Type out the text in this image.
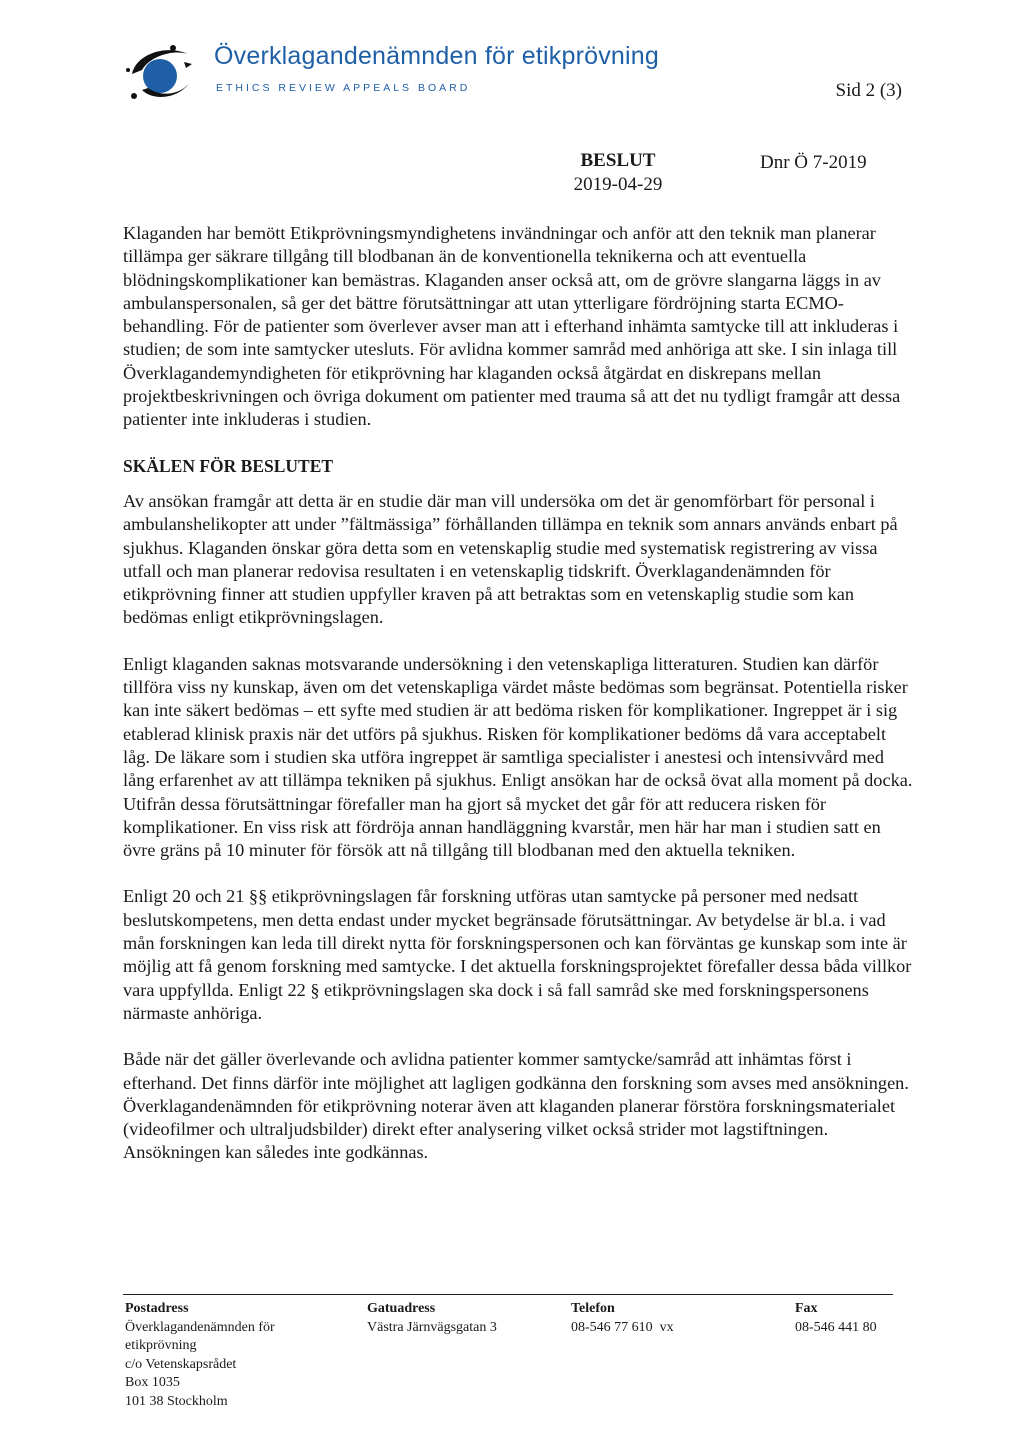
Överklagandenämnden för etikprövning
ETHICS REVIEW APPEALS BOARD	Sid 2 (3)
BESLUT
2019-04-29
Dnr Ö 7-2019

Klaganden har bemött Etikprövningsmyndighetens invändningar och anför att den teknik man planerar tillämpa ger säkrare tillgång till blodbanan än de konventionella teknikerna och att eventuella blödningskomplikationer kan bemästras. Klaganden anser också att, om de grövre slangarna läggs in av ambulanspersonalen, så ger det bättre förutsättningar att utan ytterligare fördröjning starta ECMO-behandling. För de patienter som överlever avser man att i efterhand inhämta samtycke till att inkluderas i studien; de som inte samtycker utesluts. För avlidna kommer samråd med anhöriga att ske. I sin inlaga till Överklagandemyndigheten för etikprövning har klaganden också åtgärdat en diskrepans mellan projektbeskrivningen och övriga dokument om patienter med trauma så att det nu tydligt framgår att dessa patienter inte inkluderas i studien.

SKÄLEN FÖR BESLUTET

Av ansökan framgår att detta är en studie där man vill undersöka om det är genomförbart för personal i ambulanshelikopter att under ”fältmässiga” förhållanden tillämpa en teknik som annars används enbart på sjukhus. Klaganden önskar göra detta som en vetenskaplig studie med systematisk registrering av vissa utfall och man planerar redovisa resultaten i en vetenskaplig tidskrift. Överklagandenämnden för etikprövning finner att studien uppfyller kraven på att betraktas som en vetenskaplig studie som kan bedömas enligt etikprövningslagen.

Enligt klaganden saknas motsvarande undersökning i den vetenskapliga litteraturen. Studien kan därför tillföra viss ny kunskap, även om det vetenskapliga värdet måste bedömas som begränsat. Potentiella risker kan inte säkert bedömas – ett syfte med studien är att bedöma risken för komplikationer. Ingreppet är i sig etablerad klinisk praxis när det utförs på sjukhus. Risken för komplikationer bedöms då vara acceptabelt låg. De läkare som i studien ska utföra ingreppet är samtliga specialister i anestesi och intensivvård med lång erfarenhet av att tillämpa tekniken på sjukhus. Enligt ansökan har de också övat alla moment på docka. Utifrån dessa förutsättningar förefaller man ha gjort så mycket det går för att reducera risken för komplikationer. En viss risk att fördröja annan handläggning kvarstår, men här har man i studien satt en övre gräns på 10 minuter för försök att nå tillgång till blodbanan med den aktuella tekniken.

Enligt 20 och 21 §§ etikprövningslagen får forskning utföras utan samtycke på personer med nedsatt beslutskompetens, men detta endast under mycket begränsade förutsättningar. Av betydelse är bl.a. i vad mån forskningen kan leda till direkt nytta för forskningspersonen och kan förväntas ge kunskap som inte är möjlig att få genom forskning med samtycke. I det aktuella forskningsprojektet förefaller dessa båda villkor vara uppfyllda. Enligt 22 § etikprövningslagen ska dock i så fall samråd ske med forskningspersonens närmaste anhöriga.

Både när det gäller överlevande och avlidna patienter kommer samtycke/samråd att inhämtas först i efterhand. Det finns därför inte möjlighet att lagligen godkänna den forskning som avses med ansökningen. Överklagandenämnden för etikprövning noterar även att klaganden planerar förstöra forskningsmaterialet (videofilmer och ultraljudsbilder) direkt efter analysering vilket också strider mot lagstiftningen. Ansökningen kan således inte godkännas.

Postadress
Överklagandenämnden för
etikprövning
c/o Vetenskapsrådet
Box 1035
101 38 Stockholm
Gatuadress
Västra Järnvägsgatan 3
Telefon
08-546 77 610  vx
Fax
08-546 441 80
